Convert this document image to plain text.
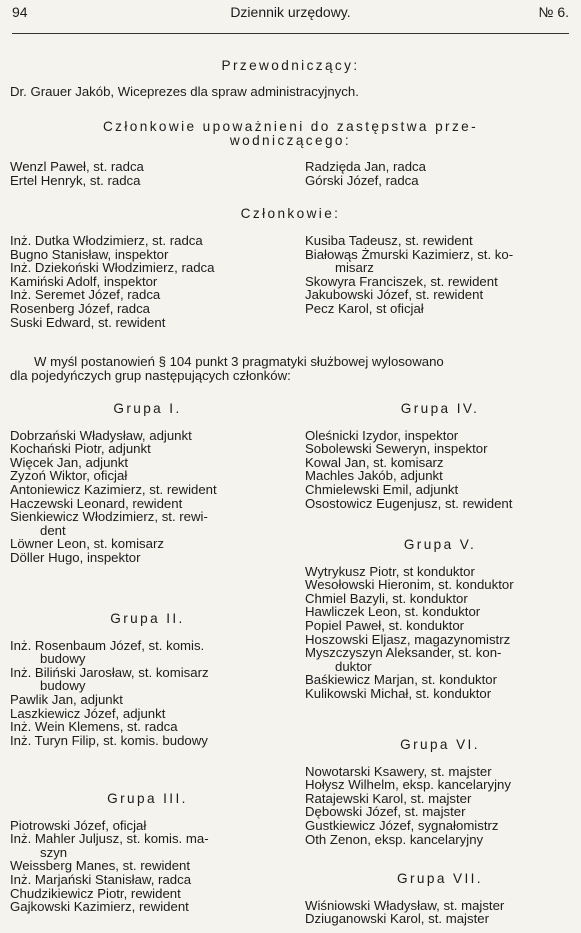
94	Dziennik urzędowy.	№ 6.
Przewodniczący:
Dr. Grauer Jakób, Wiceprezes dla spraw administracyjnych.
Członkowie upoważnieni do zastępstwa prze-
wodniczącego:
Wenzl Paweł, st. radca
Ertel Henryk, st. radca
Radzięda Jan, radca
Górski Józef, radca
Członkowie:
Inż. Dutka Włodzimierz, st. radca
Bugno Stanisław, inspektor
Inż. Dziekoński Włodzimierz, radca
Kamiński Adolf, inspektor
Inż. Seremet Józef, radca
Rosenberg Józef, radca
Suski Edward, st. rewident
Kusiba Tadeusz, st. rewident
Białowąs Żmurski Kazimierz, st. ko-
misarz
Skowyra Franciszek, st. rewident
Jakubowski Józef, st. rewident
Pecz Karol, st oficjał

W myśl postanowień § 104 punkt 3 pragmatyki służbowej wylosowano

dla pojedyńczych grup następujących członków:

Grupa I.
Dobrzański Władysław, adjunkt
Kochański Piotr, adjunkt
Więcek Jan, adjunkt
Zyzoń Wiktor, oficjał
Antoniewicz Kazimierz, st. rewident
Haczewski Leonard, rewident
Sienkiewicz Włodzimierz, st. rewi-
dent
Löwner Leon, st. komisarz
Döller Hugo, inspektor
Grupa II.
Inż. Rosenbaum Józef, st. komis.
budowy
Inż. Biliński Jarosław, st. komisarz
budowy
Pawlik Jan, adjunkt
Laszkiewicz Józef, adjunkt
Inż. Wein Klemens, st. radca
Inż. Turyn Filip, st. komis. budowy
Grupa III.
Piotrowski Józef, oficjał
Inż. Mahler Juljusz, st. komis. ma-
szyn
Weissberg Manes, st. rewident
Inż. Marjański Stanisław, radca
Chudzikiewicz Piotr, rewident
Gajkowski Kazimierz, rewident
Grupa IV.
Oleśnicki Izydor, inspektor
Sobolewski Seweryn, inspektor
Kowal Jan, st. komisarz
Machles Jakób, adjunkt
Chmielewski Emil, adjunkt
Osostowicz Eugenjusz, st. rewident
Grupa V.
Wytrykusz Piotr, st konduktor
Wesołowski Hieronim, st. konduktor
Chmiel Bazyli, st. konduktor
Hawliczek Leon, st. konduktor
Popiel Paweł, st. konduktor
Hoszowski Eljasz, magazynomistrz
Myszczyszyn Aleksander, st. kon-
duktor
Baśkiewicz Marjan, st. konduktor
Kulikowski Michał, st. konduktor
Grupa VI.
Nowotarski Ksawery, st. majster
Hołysz Wilhelm, eksp. kancelaryjny
Ratajewski Karol, st. majster
Dębowski Józef, st. majster
Gustkiewicz Józef, sygnałomistrz
Oth Zenon, eksp. kancelaryjny
Grupa VII.
Wiśniowski Władysław, st. majster
Dziuganowski Karol, st. majster
